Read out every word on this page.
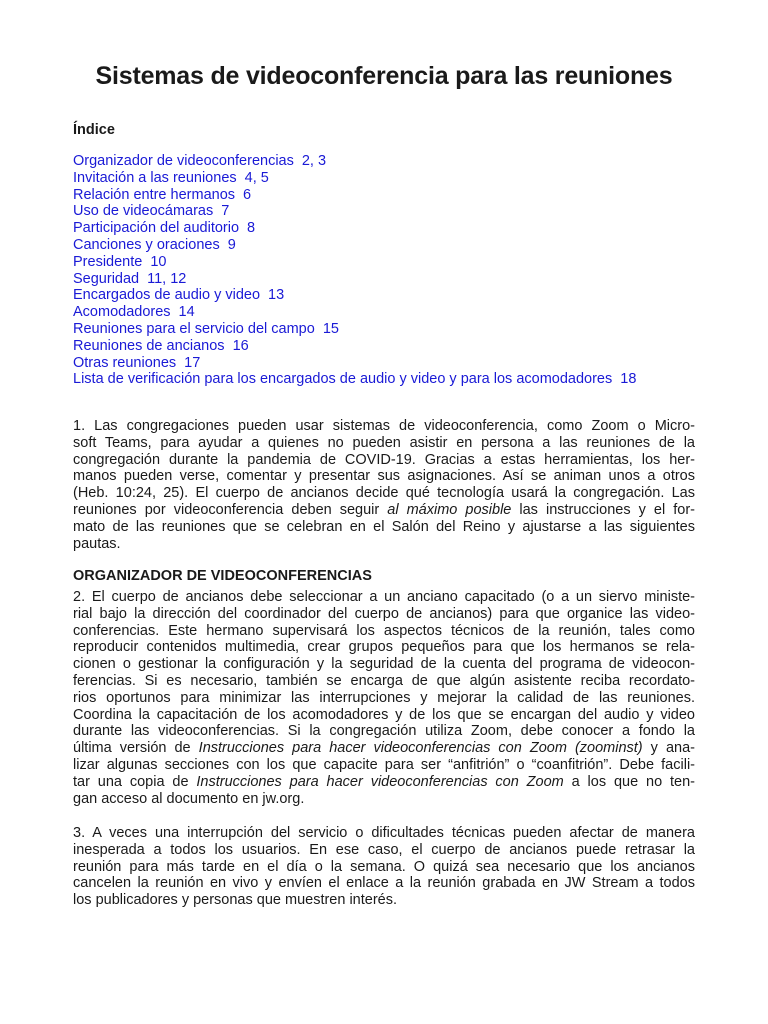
Sistemas de videoconferencia para las reuniones

Índice

Organizador de videoconferencias 2, 3
Invitación a las reuniones 4, 5
Relación entre hermanos 6
Uso de videocámaras 7
Participación del auditorio 8
Canciones y oraciones 9
Presidente 10
Seguridad 11, 12
Encargados de audio y video 13
Acomodadores 14
Reuniones para el servicio del campo 15
Reuniones de ancianos 16
Otras reuniones 17
Lista de verificación para los encargados de audio y video y para los acomodadores 18
1. Las congregaciones pueden usar sistemas de videoconferencia, como Zoom o Micro-
soft Teams, para ayudar a quienes no pueden asistir en persona a las reuniones de la
congregación durante la pandemia de COVID-19. Gracias a estas herramientas, los her-
manos pueden verse, comentar y presentar sus asignaciones. Así se animan unos a otros
(Heb. 10:24, 25). El cuerpo de ancianos decide qué tecnología usará la congregación. Las
reuniones por videoconferencia deben seguir al máximo posible las instrucciones y el for-
mato de las reuniones que se celebran en el Salón del Reino y ajustarse a las siguientes
pautas.

ORGANIZADOR DE VIDEOCONFERENCIAS

2. El cuerpo de ancianos debe seleccionar a un anciano capacitado (o a un siervo ministe-
rial bajo la dirección del coordinador del cuerpo de ancianos) para que organice las video-
conferencias. Este hermano supervisará los aspectos técnicos de la reunión, tales como
reproducir contenidos multimedia, crear grupos pequeños para que los hermanos se rela-
cionen o gestionar la configuración y la seguridad de la cuenta del programa de videocon-
ferencias. Si es necesario, también se encarga de que algún asistente reciba recordato-
rios oportunos para minimizar las interrupciones y mejorar la calidad de las reuniones.
Coordina la capacitación de los acomodadores y de los que se encargan del audio y video
durante las videoconferencias. Si la congregación utiliza Zoom, debe conocer a fondo la
última versión de Instrucciones para hacer videoconferencias con Zoom (zoominst) y ana-
lizar algunas secciones con los que capacite para ser “anfitrión” o “coanfitrión”. Debe facili-
tar una copia de Instrucciones para hacer videoconferencias con Zoom a los que no ten-
gan acceso al documento en jw.org.
3. A veces una interrupción del servicio o dificultades técnicas pueden afectar de manera
inesperada a todos los usuarios. En ese caso, el cuerpo de ancianos puede retrasar la
reunión para más tarde en el día o la semana. O quizá sea necesario que los ancianos
cancelen la reunión en vivo y envíen el enlace a la reunión grabada en JW Stream a todos
los publicadores y personas que muestren interés.
